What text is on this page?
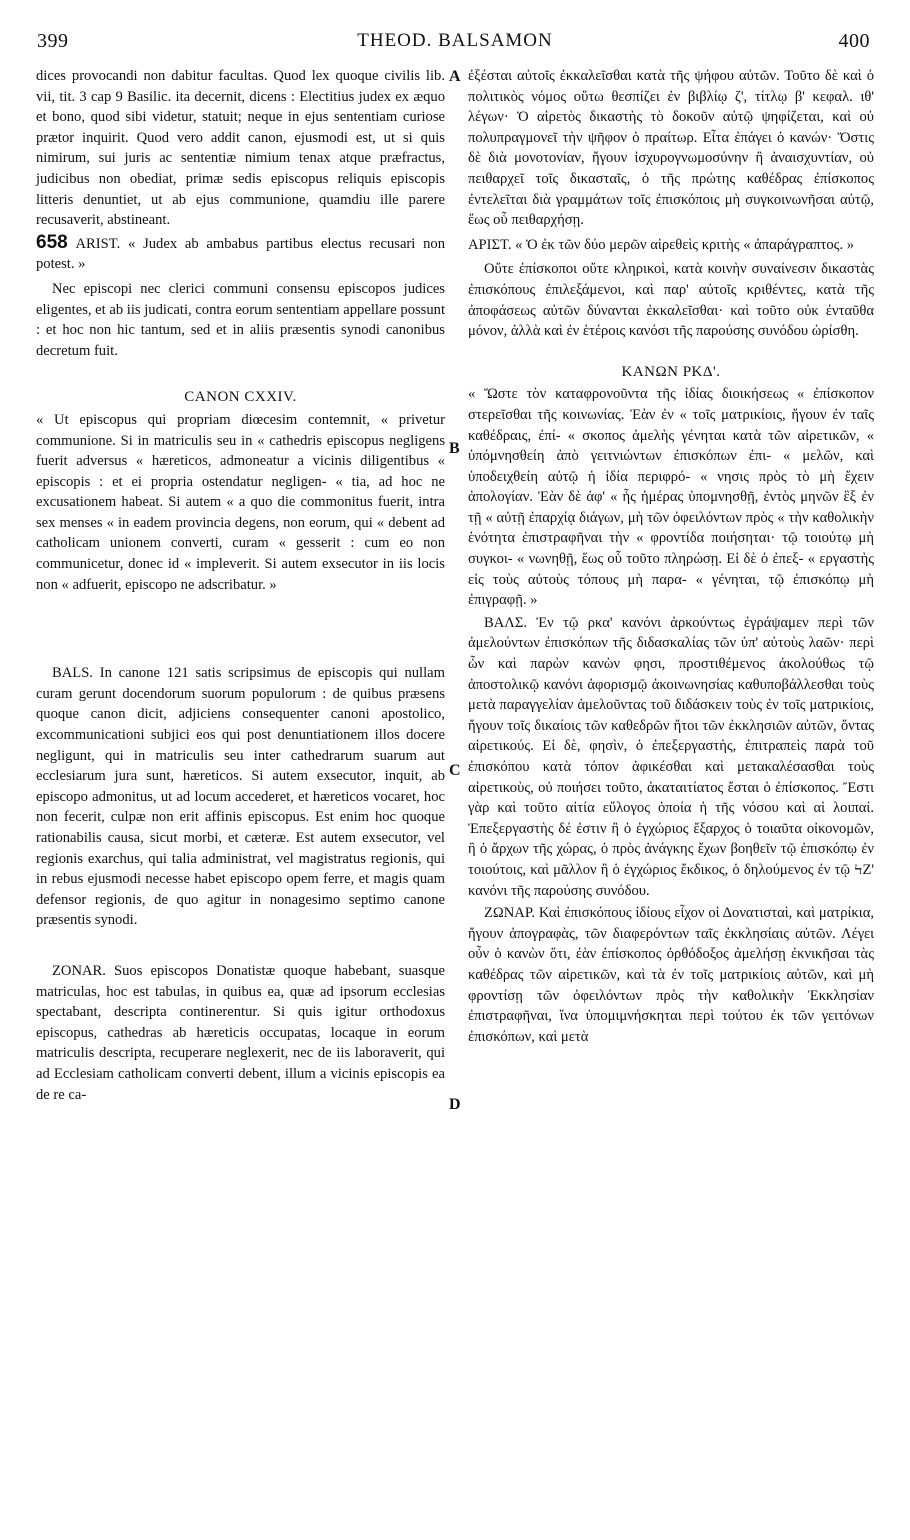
399	THEOD. BALSAMON	400
A
B
C
D

dices provocandi non dabitur facultas. Quod lex quoque civilis lib. vii, tit. 3 cap 9 Basilic. ita decernit, dicens : Electitius judex ex æquo et bono, quod sibi videtur, statuit; neque in ejus sententiam curiose prætor inquirit. Quod vero addit canon, ejusmodi est, ut si quis nimirum, sui juris ac sententiæ nimium tenax atque præfractus, judicibus non obediat, primæ sedis episcopus reliquis episcopis litteris denuntiet, ut ab ejus communione, quamdiu ille parere recusaverit, abstineant.

658 ARIST. « Judex ab ambabus partibus electus recusari non potest. »

Nec episcopi nec clerici communi consensu episcopos judices eligentes, et ab iis judicati, contra eorum sententiam appellare possunt : et hoc non hic tantum, sed et in aliis præsentis synodi canonibus decretum fuit.

CANON CXXIV.

« Ut episcopus qui propriam diœcesim contemnit, « privetur communione. Si in matriculis seu in « cathedris episcopus negligens fuerit adversus « hæreticos, admoneatur a vicinis diligentibus « episcopis : et ei propria ostendatur negligen- « tia, ad hoc ne excusationem habeat. Si autem « a quo die commonitus fuerit, intra sex menses « in eadem provincia degens, non eorum, qui « debent ad catholicam unionem converti, curam « gesserit : cum eo non communicetur, donec id « impleverit. Si autem exsecutor in iis locis non « adfuerit, episcopo ne adscribatur. »

BALS. In canone 121 satis scripsimus de episcopis qui nullam curam gerunt docendorum suorum populorum : de quibus præsens quoque canon dicit, adjiciens consequenter canoni apostolico, excommunicationi subjici eos qui post denuntiationem illos docere negligunt, qui in matriculis seu inter cathedrarum suarum aut ecclesiarum jura sunt, hæreticos. Si autem exsecutor, inquit, ab episcopo admonitus, ut ad locum accederet, et hæreticos vocaret, hoc non fecerit, culpæ non erit affinis episcopus. Est enim hoc quoque rationabilis causa, sicut morbi, et cæteræ. Est autem exsecutor, vel regionis exarchus, qui talia administrat, vel magistratus regionis, qui in rebus ejusmodi necesse habet episcopo opem ferre, et magis quam defensor regionis, de quo agitur in nonagesimo septimo canone præsentis synodi.

ZONAR. Suos episcopos Donatistæ quoque habebant, suasque matriculas, hoc est tabulas, in quibus ea, quæ ad ipsorum ecclesias spectabant, descripta continerentur. Si quis igitur orthodoxus episcopus, cathedras ab hæreticis occupatas, locaque in eorum matriculis descripta, recuperare neglexerit, nec de iis laboraverit, qui ad Ecclesiam catholicam converti debent, illum a vicinis episcopis ea de re ca-

ἐξέσται αὐτοῖς ἐκκαλεῖσθαι κατὰ τῆς ψήφου αὐτῶν. Τοῦτο δὲ καὶ ὁ πολιτικὸς νόμος οὕτω θεσπίζει ἐν βιβλίῳ ζ', τίτλῳ β' κεφαλ. ιθ' λέγων· Ὁ αἱρετὸς δικαστὴς τὸ δοκοῦν αὐτῷ ψηφίζεται, καὶ οὐ πολυπραγμονεῖ τὴν ψῆφον ὁ πραίτωρ. Εἶτα ἐπάγει ὁ κανών· Ὅστις δὲ διὰ μονοτονίαν, ἤγουν ἰσχυρογνωμοσύνην ἢ ἀναισχυντίαν, οὐ πειθαρχεῖ τοῖς δικασταῖς, ὁ τῆς πρώτης καθέδρας ἐπίσκοπος ἐντελεῖται διὰ γραμμάτων τοῖς ἐπισκόποις μὴ συγκοινωνῆσαι αὐτῷ, ἕως οὗ πειθαρχήσῃ.

ΑΡΙΣΤ. « Ὁ ἐκ τῶν δύο μερῶν αἱρεθεὶς κριτὴς « ἀπαράγραπτος. »

Οὔτε ἐπίσκοποι οὔτε κληρικοὶ, κατὰ κοινὴν συναίνεσιν δικαστὰς ἐπισκόπους ἐπιλεξάμενοι, καὶ παρ' αὐτοῖς κριθέντες, κατὰ τῆς ἀποφάσεως αὐτῶν δύνανται ἐκκαλεῖσθαι· καὶ τοῦτο οὐκ ἐνταῦθα μόνον, ἀλλὰ καὶ ἐν ἑτέροις κανόσι τῆς παρούσης συνόδου ὡρίσθη.

ΚΑΝΩΝ ΡΚΔ'.

« Ὥστε τὸν καταφρονοῦντα τῆς ἰδίας διοικήσεως « ἐπίσκοπον στερεῖσθαι τῆς κοινωνίας. Ἐὰν ἐν « τοῖς ματρικίοις, ἤγουν ἐν ταῖς καθέδραις, ἐπί- « σκοπος ἀμελὴς γένηται κατὰ τῶν αἱρετικῶν, « ὑπόμνησθείη ἀπὸ γειτνιώντων ἐπισκόπων ἐπι- « μελῶν, καὶ ὑποδειχθείη αὐτῷ ἡ ἰδία περιφρό- « νησις πρὸς τὸ μὴ ἔχειν ἀπολογίαν. Ἐὰν δὲ ἀφ' « ἧς ἡμέρας ὑπομνησθῇ, ἐντὸς μηνῶν ἓξ ἐν τῇ « αὐτῇ ἐπαρχίᾳ διάγων, μὴ τῶν ὀφειλόντων πρὸς « τὴν καθολικὴν ἑνότητα ἐπιστραφῆναι τὴν « φροντίδα ποιήσηται· τῷ τοιούτῳ μὴ συγκοι- « νωνηθῇ, ἕως οὗ τοῦτο πληρώσῃ. Εἰ δὲ ὁ ἐπεξ- « εργαστὴς εἰς τοὺς αὐτοὺς τόπους μὴ παρα- « γένηται, τῷ ἐπισκόπῳ μὴ ἐπιγραφῇ. »

ΒΑΛΣ. Ἐν τῷ ρκα' κανόνι ἀρκούντως ἐγράψαμεν περὶ τῶν ἀμελούντων ἐπισκόπων τῆς διδασκαλίας τῶν ὑπ' αὐτοὺς λαῶν· περὶ ὧν καὶ παρὼν κανὼν φησι, προστιθέμενος ἀκολούθως τῷ ἀποστολικῷ κανόνι ἀφορισμῷ ἀκοινωνησίας καθυποβάλλεσθαι τοὺς μετὰ παραγγελίαν ἀμελοῦντας τοῦ διδάσκειν τοὺς ἐν τοῖς ματρικίοις, ἤγουν τοῖς δικαίοις τῶν καθεδρῶν ἤτοι τῶν ἐκκλησιῶν αὐτῶν, ὄντας αἱρετικούς. Εἰ δὲ, φησὶν, ὁ ἐπεξεργαστὴς, ἐπιτραπεὶς παρὰ τοῦ ἐπισκόπου κατὰ τόπον ἀφικέσθαι καὶ μετακαλέσασθαι τοὺς αἱρετικοὺς, οὐ ποιήσει τοῦτο, ἀκαταιτίατος ἔσται ὁ ἐπίσκοπος. Ἔστι γὰρ καὶ τοῦτο αἰτία εὔλογος ὁποία ἡ τῆς νόσου καὶ αἱ λοιπαί. Ἐπεξεργαστὴς δέ ἐστιν ἢ ὁ ἐγχώριος ἔξαρχος ὁ τοιαῦτα οἰκονομῶν, ἢ ὁ ἄρχων τῆς χώρας, ὁ πρὸς ἀνάγκης ἔχων βοηθεῖν τῷ ἐπισκόπῳ ἐν τοιούτοις, καὶ μᾶλλον ἢ ὁ ἐγχώριος ἔκδικος, ὁ δηλούμενος ἐν τῷ ϞΖ' κανόνι τῆς παρούσης συνόδου.

ΖΩΝΑΡ. Καὶ ἐπισκόπους ἰδίους εἶχον οἱ Δονατισταὶ, καὶ ματρίκια, ἤγουν ἀπογραφὰς, τῶν διαφερόντων ταῖς ἐκκλησίαις αὐτῶν. Λέγει οὖν ὁ κανὼν ὅτι, ἐὰν ἐπίσκοπος ὀρθόδοξος ἀμελήσῃ ἐκνικῆσαι τὰς καθέδρας τῶν αἱρετικῶν, καὶ τὰ ἐν τοῖς ματρικίοις αὐτῶν, καὶ μὴ φροντίσῃ τῶν ὀφειλόντων πρὸς τὴν καθολικὴν Ἐκκλησίαν ἐπιστραφῆναι, ἵνα ὑπομιμνήσκηται περὶ τούτου ἐκ τῶν γειτόνων ἐπισκόπων, καὶ μετὰ
